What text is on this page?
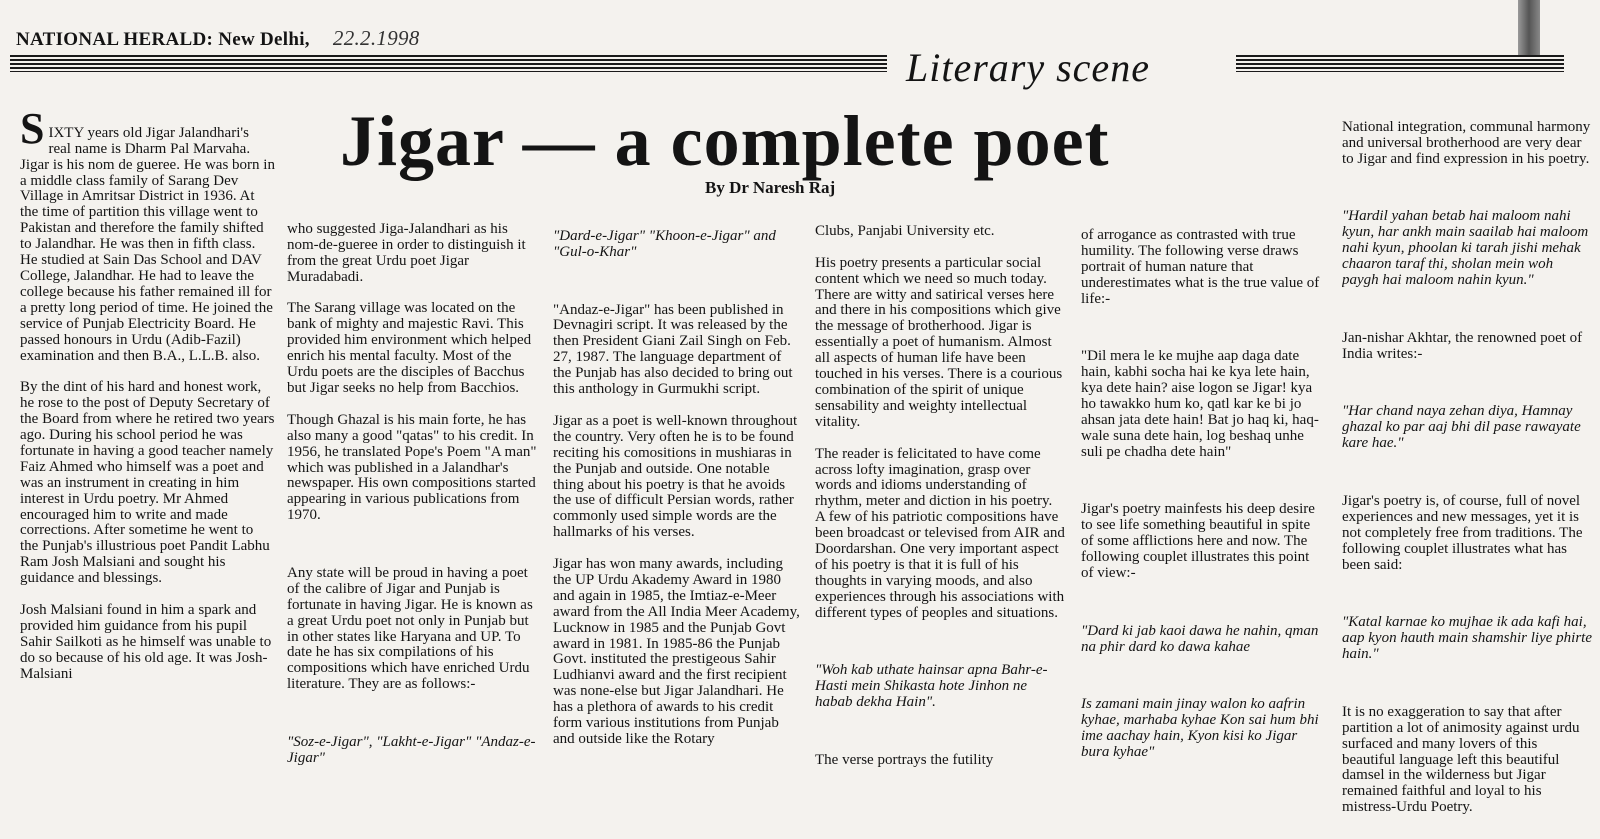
NATIONAL HERALD: New Delhi, 22.2.1998
Literary scene
Jigar — a complete poet
By Dr Naresh Raj

S IXTY years old Jigar Jalandhari's real name is Dharm Pal Marvaha. Jigar is his nom de gueree. He was born in a middle class family of Sarang Dev Village in Amritsar District in 1936. At the time of partition this village went to Pakistan and therefore the family shifted to Jalandhar. He was then in fifth class. He studied at Sain Das School and DAV College, Jalandhar. He had to leave the college because his father remained ill for a pretty long period of time. He joined the service of Punjab Electricity Board. He passed honours in Urdu (Adib-Fazil) examination and then B.A., L.L.B. also.

By the dint of his hard and honest work, he rose to the post of Deputy Secretary of the Board from where he retired two years ago. During his school period he was fortunate in having a good teacher namely Faiz Ahmed who himself was a poet and was an instrument in creating in him interest in Urdu poetry. Mr Ahmed encouraged him to write and made corrections. After sometime he went to the Punjab's illustrious poet Pandit Labhu Ram Josh Malsiani and sought his guidance and blessings.

Josh Malsiani found in him a spark and provided him guidance from his pupil Sahir Sailkoti as he himself was unable to do so because of his old age. It was Josh-Malsiani

who suggested Jiga-Jalandhari as his nom-de-gueree in order to distinguish it from the great Urdu poet Jigar Muradabadi.

The Sarang village was located on the bank of mighty and majestic Ravi. This provided him environment which helped enrich his mental faculty. Most of the Urdu poets are the disciples of Bacchus but Jigar seeks no help from Bacchios.

Though Ghazal is his main forte, he has also many a good "qatas" to his credit. In 1956, he translated Pope's Poem "A man" which was published in a Jalandhar's newspaper. His own compositions started appearing in various publications from 1970.

Any state will be proud in having a poet of the calibre of Jigar and Punjab is fortunate in having Jigar. He is known as a great Urdu poet not only in Punjab but in other states like Haryana and UP. To date he has six compilations of his compositions which have enriched Urdu literature. They are as follows:-

"Soz-e-Jigar", "Lakht-e-Jigar" "Andaz-e-Jigar"

"Dard-e-Jigar" "Khoon-e-Jigar" and "Gul-o-Khar"

"Andaz-e-Jigar" has been published in Devnagiri script. It was released by the then President Giani Zail Singh on Feb. 27, 1987. The language department of the Punjab has also decided to bring out this anthology in Gurmukhi script.

Jigar as a poet is well-known throughout the country. Very often he is to be found reciting his comositions in mushiaras in the Punjab and outside. One notable thing about his poetry is that he avoids the use of difficult Persian words, rather commonly used simple words are the hallmarks of his verses.

Jigar has won many awards, including the UP Urdu Akademy Award in 1980 and again in 1985, the Imtiaz-e-Meer award from the All India Meer Academy, Lucknow in 1985 and the Punjab Govt award in 1981. In 1985-86 the Punjab Govt. instituted the prestigeous Sahir Ludhianvi award and the first recipient was none-else but Jigar Jalandhari. He has a plethora of awards to his credit form various institutions from Punjab and outside like the Rotary

Clubs, Panjabi University etc.

His poetry presents a particular social content which we need so much today. There are witty and satirical verses here and there in his compositions which give the message of brotherhood. Jigar is essentially a poet of humanism. Almost all aspects of human life have been touched in his verses. There is a courious combination of the spirit of unique sensability and weighty intellectual vitality.

The reader is felicitated to have come across lofty imagination, grasp over words and idioms understanding of rhythm, meter and diction in his poetry. A few of his patriotic compositions have been broadcast or televised from AIR and Doordarshan. One very important aspect of his poetry is that it is full of his thoughts in varying moods, and also experiences through his associations with different types of peoples and situations.

"Woh kab uthate hainsar apna Bahr-e-Hasti mein Shikasta hote Jinhon ne habab dekha Hain".

The verse portrays the futility

of arrogance as contrasted with true humility. The following verse draws portrait of human nature that underestimates what is the true value of life:-

"Dil mera le ke mujhe aap daga date hain, kabhi socha hai ke kya lete hain, kya dete hain? aise logon se Jigar! kya ho tawakko hum ko, qatl kar ke bi jo ahsan jata dete hain! Bat jo haq ki, haq-wale suna dete hain, log beshaq unhe suli pe chadha dete hain"

Jigar's poetry mainfests his deep desire to see life something beautiful in spite of some afflictions here and now. The following couplet illustrates this point of view:-

"Dard ki jab kaoi dawa he nahin, qman na phir dard ko dawa kahae

Is zamani main jinay walon ko aafrin kyhae, marhaba kyhae Kon sai hum bhi ime aachay hain, Kyon kisi ko Jigar bura kyhae"

National integration, communal harmony and universal brotherhood are very dear to Jigar and find expression in his poetry.

"Hardil yahan betab hai maloom nahi kyun, har ankh main saailab hai maloom nahi kyun, phoolan ki tarah jishi mehak chaaron taraf thi, sholan mein woh paygh hai maloom nahin kyun."

Jan-nishar Akhtar, the renowned poet of India writes:-

"Har chand naya zehan diya, Hamnay ghazal ko par aaj bhi dil pase rawayate kare hae."

Jigar's poetry is, of course, full of novel experiences and new messages, yet it is not completely free from traditions. The following couplet illustrates what has been said:

"Katal karnae ko mujhae ik ada kafi hai, aap kyon hauth main shamshir liye phirte hain."

It is no exaggeration to say that after partition a lot of animosity against urdu surfaced and many lovers of this beautiful language left this beautiful damsel in the wilderness but Jigar remained faithful and loyal to his mistress-Urdu Poetry.
